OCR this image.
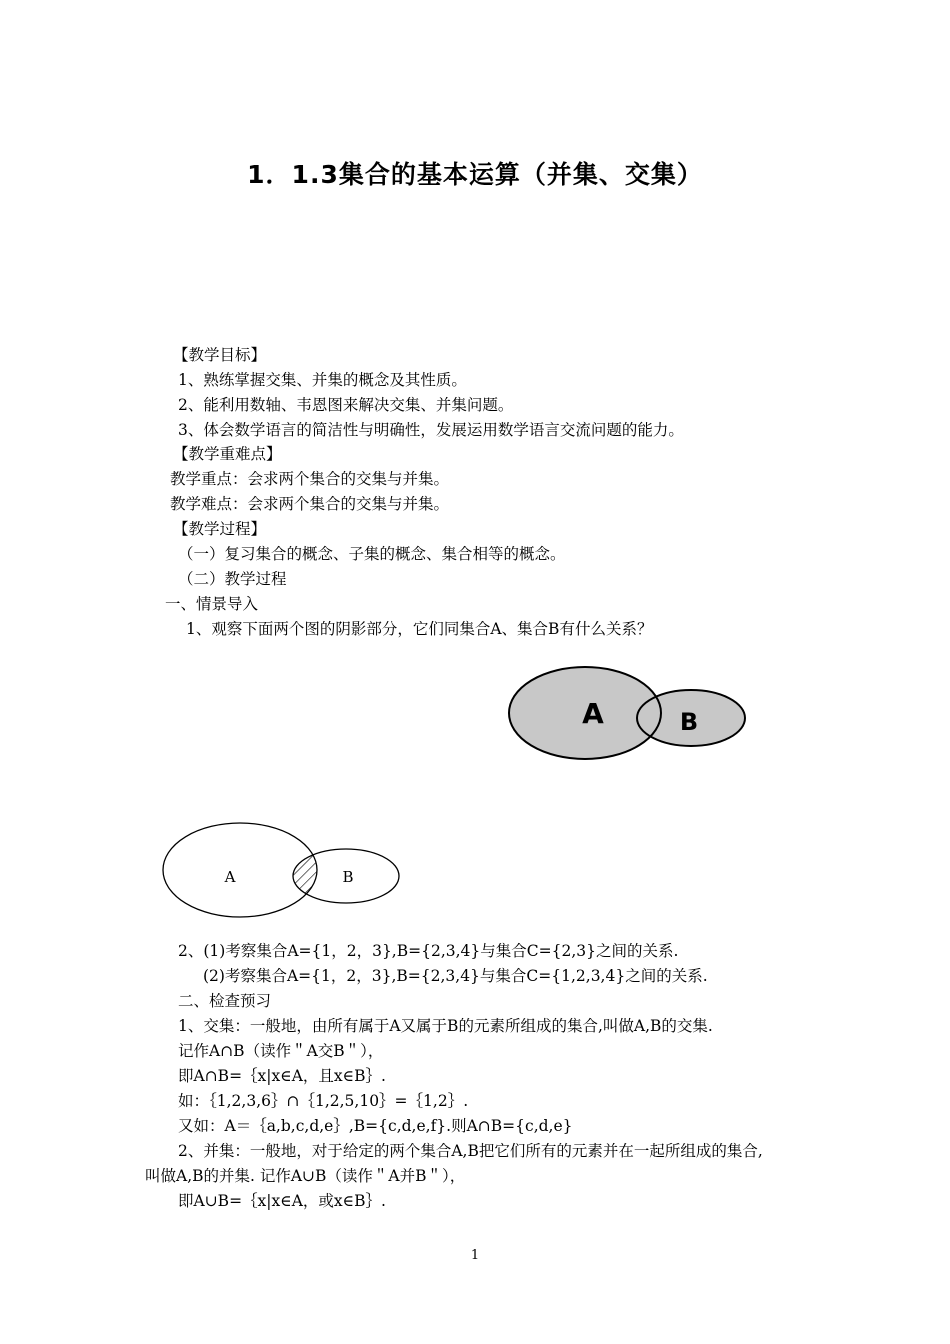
1．1.3集合的基本运算（并集、交集）
【教学目标】
1、熟练掌握交集、并集的概念及其性质。
2、能利用数轴、韦恩图来解决交集、并集问题。
3、体会数学语言的简洁性与明确性，发展运用数学语言交流问题的能力。
【教学重难点】
教学重点：会求两个集合的交集与并集。
教学难点：会求两个集合的交集与并集。
【教学过程】
（一）复习集合的概念、子集的概念、集合相等的概念。
（二）教学过程
一、情景导入
1、观察下面两个图的阴影部分，它们同集合A、集合B有什么关系？
A	B
A	B
2、(1)考察集合A={1，2，3},B={2,3,4}与集合C={2,3}之间的关系.
(2)考察集合A={1，2，3},B={2,3,4}与集合C={1,2,3,4}之间的关系.
二、检查预习
1、交集：一般地，由所有属于A又属于B的元素所组成的集合,叫做A,B的交集.
记作A∩B（读作＂A交B＂），
即A∩B=｛x|x∈A，且x∈B｝.
如：｛1,2,3,6｝∩｛1,2,5,10｝=｛1,2｝.
又如：A＝｛a,b,c,d,e｝,B={c,d,e,f}.则A∩B={c,d,e}
2、并集：一般地，对于给定的两个集合A,B把它们所有的元素并在一起所组成的集合,
叫做A,B的并集. 记作A∪B（读作＂A并B＂），
即A∪B=｛x|x∈A，或x∈B｝.
1
